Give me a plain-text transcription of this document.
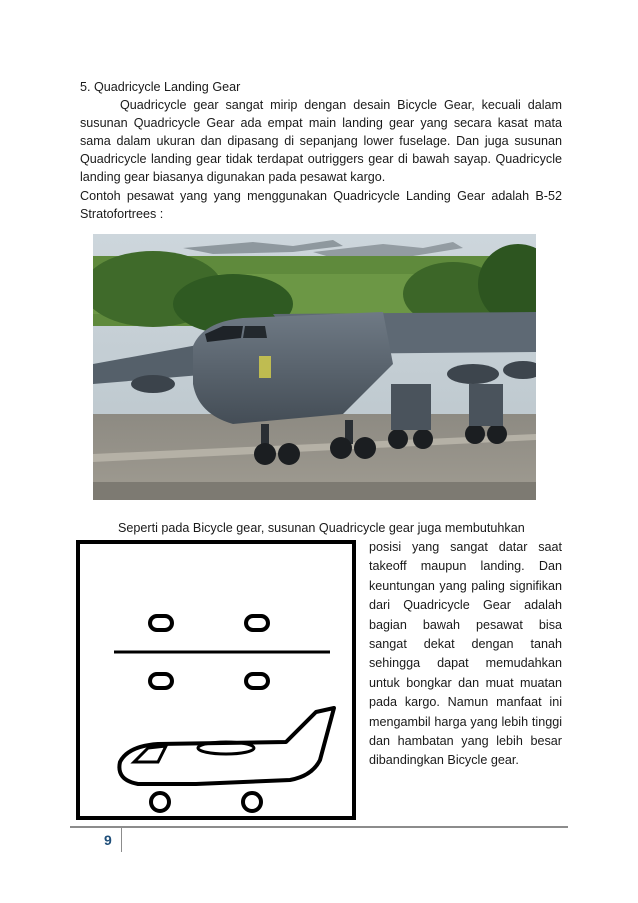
5. Quadricycle Landing Gear
Quadricycle gear sangat mirip dengan desain Bicycle Gear, kecuali dalam susunan Quadricycle Gear ada empat main landing gear yang secara kasat mata sama dalam ukuran dan dipasang di sepanjang lower fuselage. Dan juga susunan Quadricycle landing gear tidak terdapat outriggers gear di bawah sayap. Quadricycle landing gear biasanya digunakan pada pesawat kargo.
Contoh pesawat yang yang menggunakan Quadricycle Landing Gear adalah B-52 Stratofortrees :
Seperti pada Bicycle gear, susunan Quadricycle gear juga membutuhkan
posisi yang sangat datar saat takeoff maupun landing. Dan keuntungan yang paling signifikan dari Quadricycle Gear adalah bagian bawah pesawat bisa sangat dekat dengan tanah sehingga dapat memudahkan untuk bongkar dan muat muatan pada kargo. Namun manfaat ini mengambil harga yang lebih tinggi dan hambatan yang lebih besar dibandingkan Bicycle gear.
9
